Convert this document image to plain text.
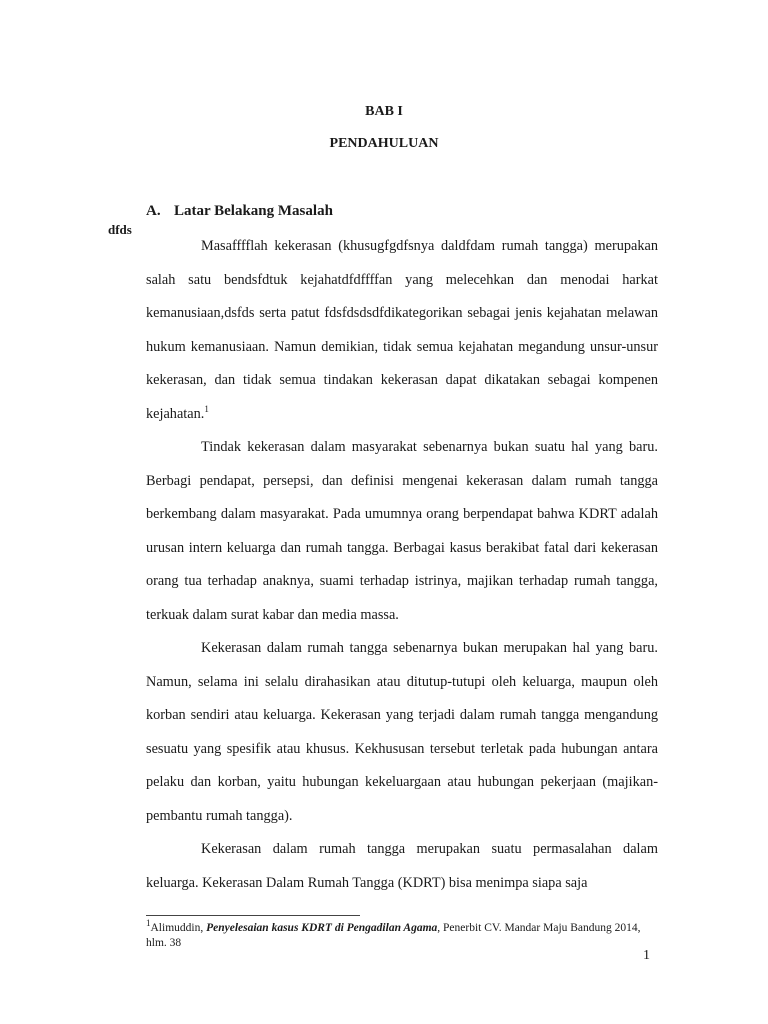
BAB I
PENDAHULUAN
A. Latar Belakang Masalah
dfds

Masafffflah kekerasan (khusugfgdfsnya daldfdam rumah tangga) merupakan salah satu bendsfdtuk kejahatdfdffffan yang melecehkan dan menodai harkat kemanusiaan,dsfds serta patut fdsfdsdsdfdikategorikan sebagai jenis kejahatan melawan hukum kemanusiaan. Namun demikian, tidak semua kejahatan megandung unsur-unsur kekerasan, dan tidak semua tindakan kekerasan dapat dikatakan sebagai kompenen kejahatan.$^1$

Tindak kekerasan dalam masyarakat sebenarnya bukan suatu hal yang baru. Berbagi pendapat, persepsi, dan definisi mengenai kekerasan dalam rumah tangga berkembang dalam masyarakat. Pada umumnya orang berpendapat bahwa KDRT adalah urusan intern keluarga dan rumah tangga. Berbagai kasus berakibat fatal dari kekerasan orang tua terhadap anaknya, suami terhadap istrinya, majikan terhadap rumah tangga, terkuak dalam surat kabar dan media massa.

Kekerasan dalam rumah tangga sebenarnya bukan merupakan hal yang baru. Namun, selama ini selalu dirahasikan atau ditutup-tutupi oleh keluarga, maupun oleh korban sendiri atau keluarga. Kekerasan yang terjadi dalam rumah tangga mengandung sesuatu yang spesifik atau khusus. Kekhususan tersebut terletak pada hubungan antara pelaku dan korban, yaitu hubungan kekeluargaan atau hubungan pekerjaan (majikan-pembantu rumah tangga).

Kekerasan dalam rumah tangga merupakan suatu permasalahan dalam keluarga. Kekerasan Dalam Rumah Tangga (KDRT) bisa menimpa siapa saja

$^1$Alimuddin, Penyelesaian kasus KDRT di Pengadilan Agama, Penerbit CV. Mandar Maju Bandung 2014, hlm. 38
1
